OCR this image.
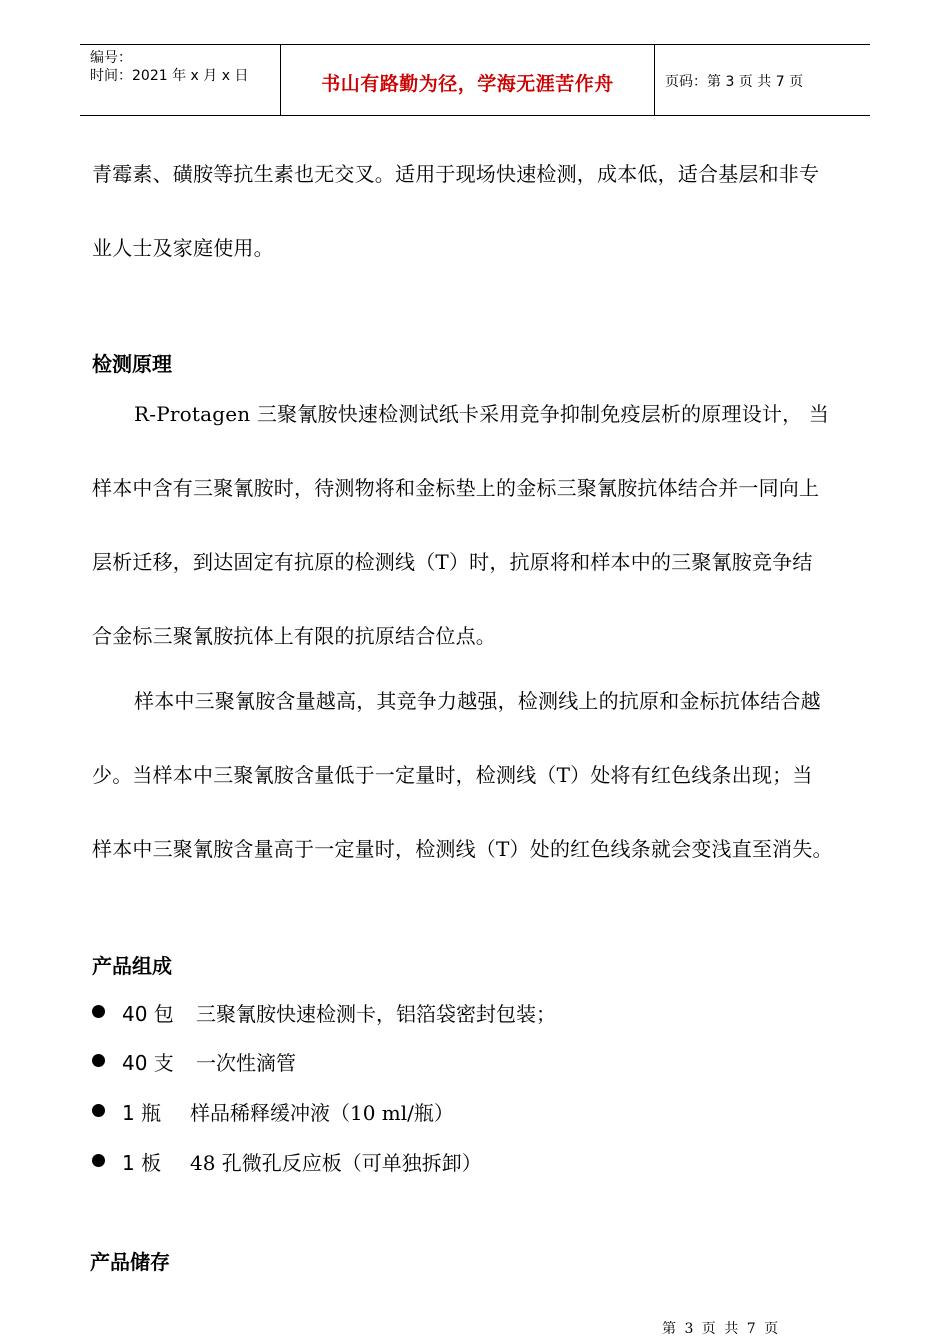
编号：
时间：2021 年 x 月 x 日	书山有路勤为径，学海无涯苦作舟	页码：第 3 页 共 7 页
青霉素、磺胺等抗生素也无交叉。适用于现场快速检测，成本低，适合基层和非专
业人士及家庭使用。
检测原理
R-Protagen 三聚氰胺快速检测试纸卡采用竞争抑制免疫层析的原理设计， 当
样本中含有三聚氰胺时，待测物将和金标垫上的金标三聚氰胺抗体结合并一同向上
层析迁移，到达固定有抗原的检测线（T）时，抗原将和样本中的三聚氰胺竞争结
合金标三聚氰胺抗体上有限的抗原结合位点。
样本中三聚氰胺含量越高，其竞争力越强，检测线上的抗原和金标抗体结合越
少。当样本中三聚氰胺含量低于一定量时，检测线（T）处将有红色线条出现；当
样本中三聚氰胺含量高于一定量时，检测线（T）处的红色线条就会变浅直至消失。
产品组成
40 包 三聚氰胺快速检测卡，铝箔袋密封包装；
40 支 一次性滴管
1 瓶 样品稀释缓冲液（10 ml/瓶）
1 板 48 孔微孔反应板（可单独拆卸）
产品储存
第 3 页 共 7 页
